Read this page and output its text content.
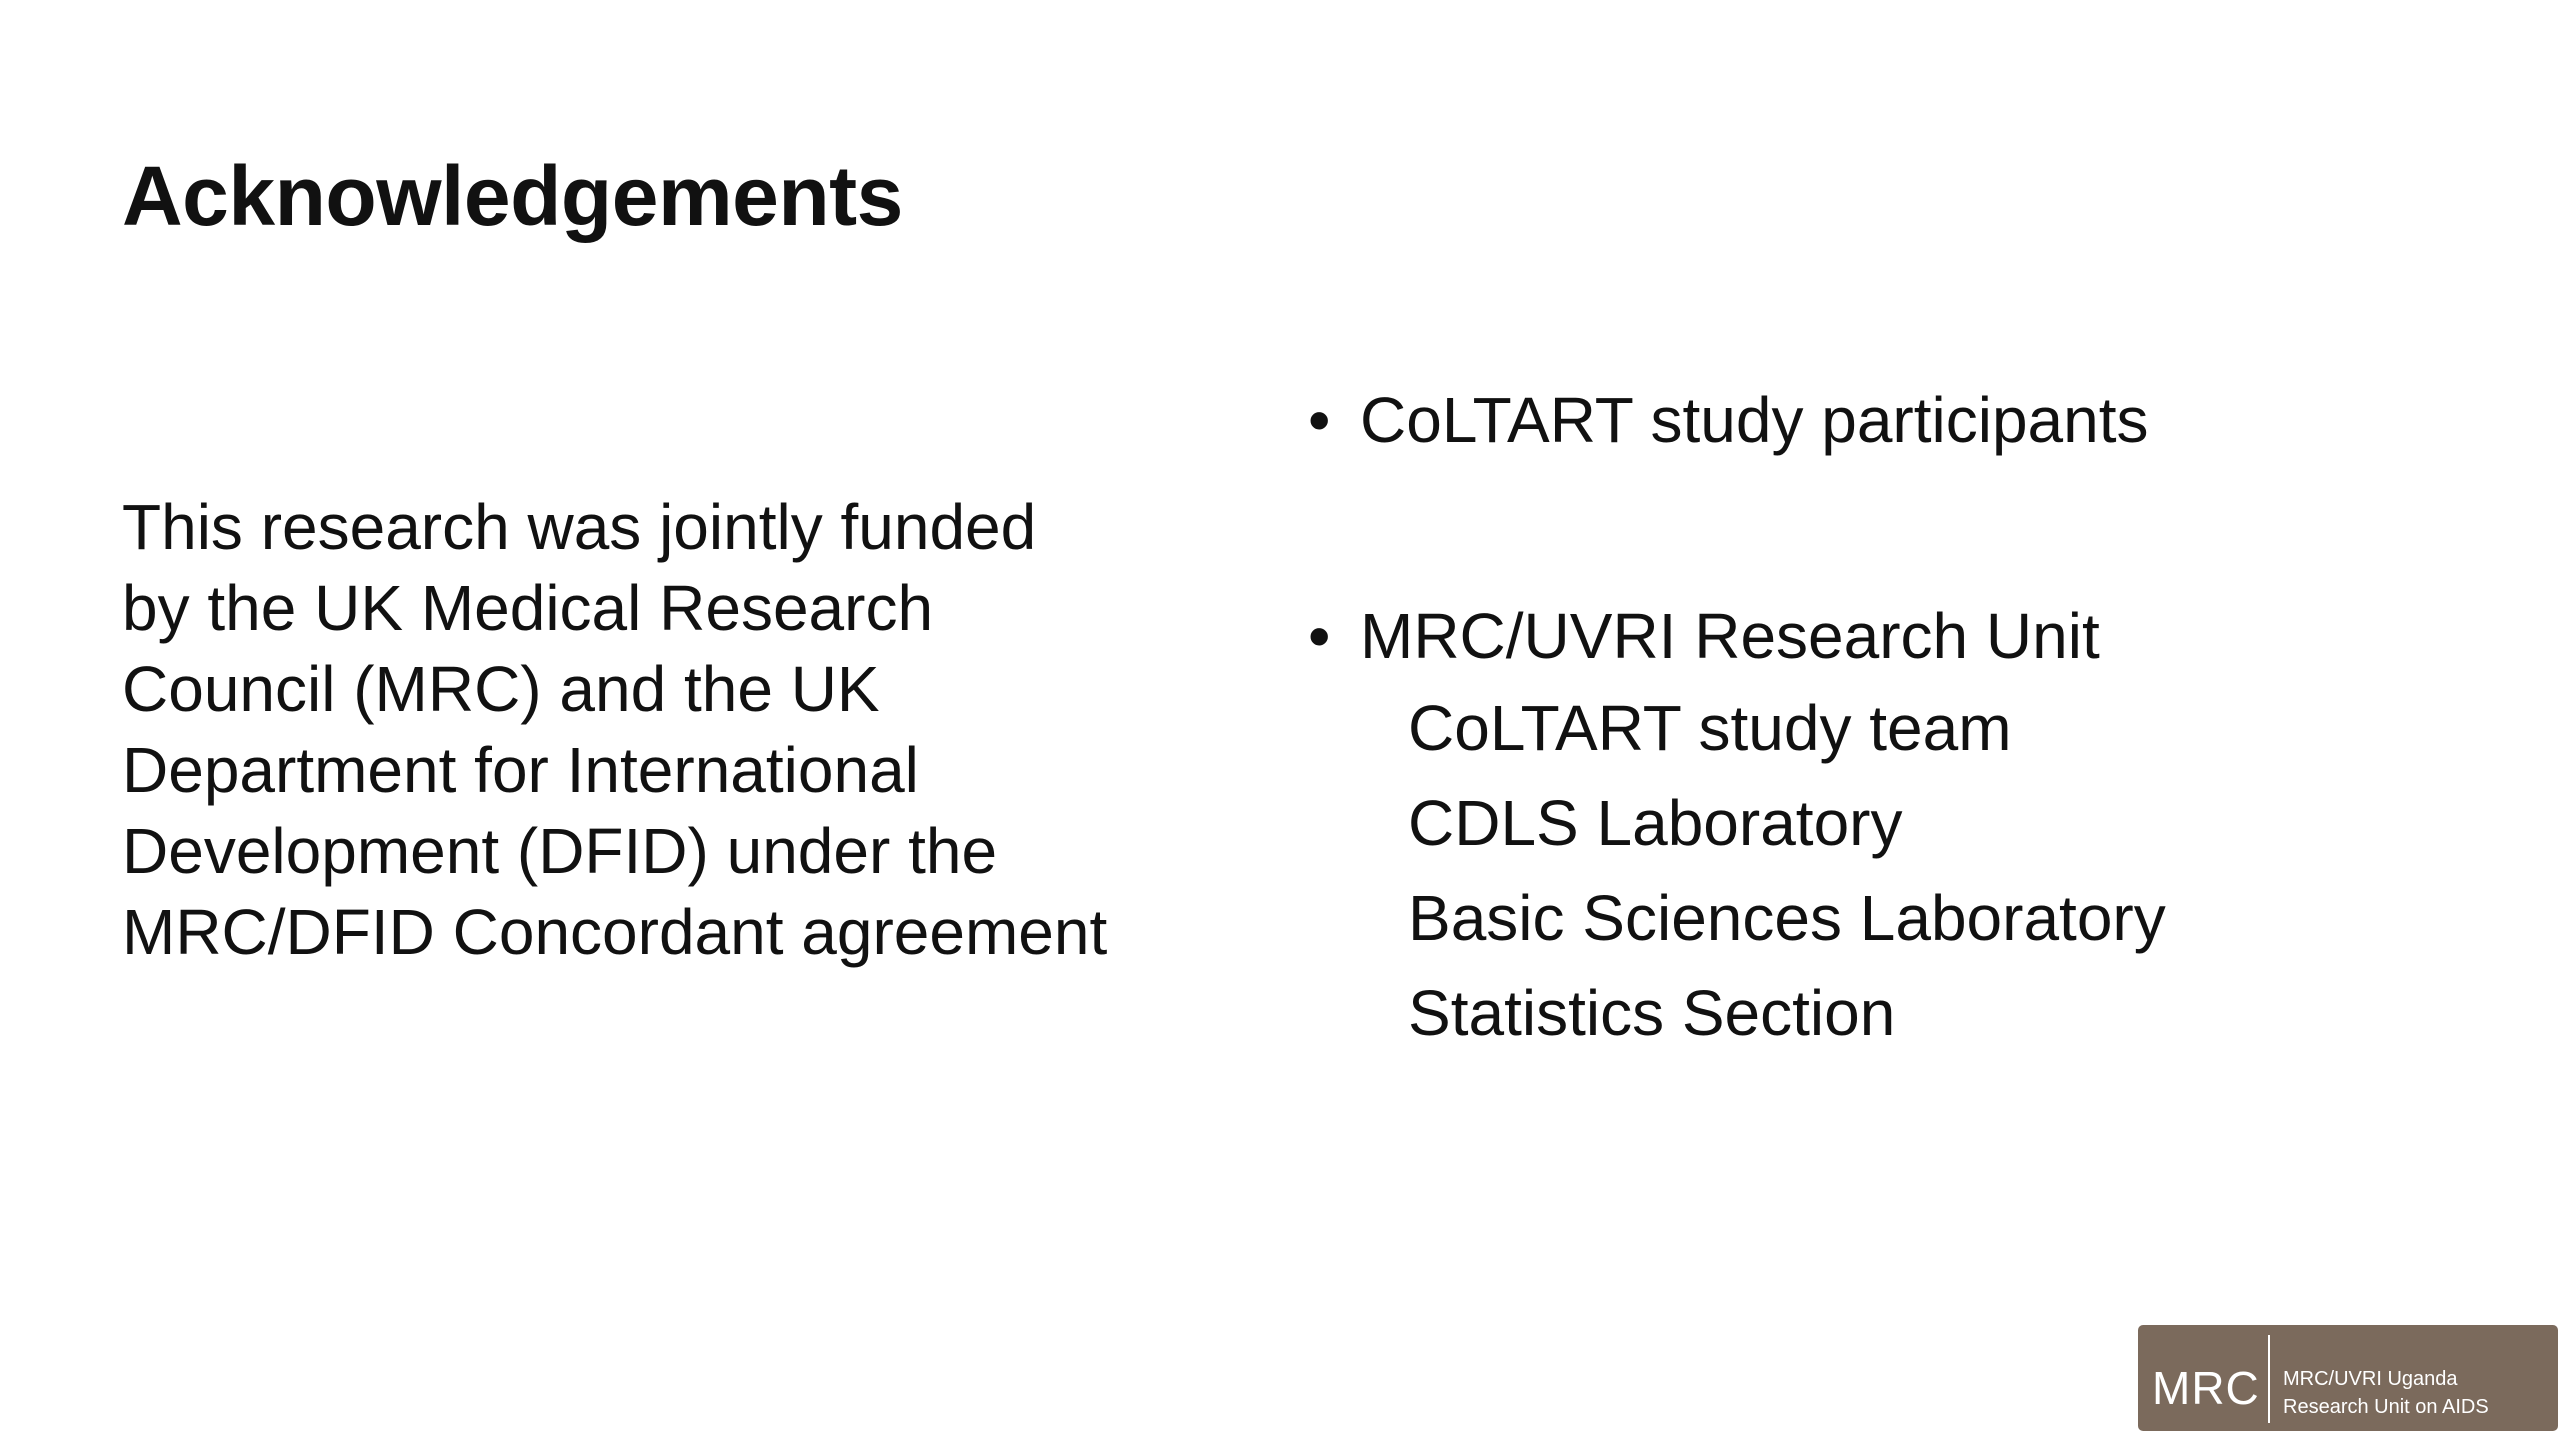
Acknowledgements

This research was jointly funded
by the UK Medical Research
Council (MRC) and the UK
Department for International
Development (DFID) under the
MRC/DFID Concordant agreement

• CoLTART study participants
• MRC/UVRI Research Unit
CoLTART study team
CDLS Laboratory
Basic Sciences Laboratory
Statistics Section
MRC MRC/UVRI Uganda
Research Unit on AIDS
